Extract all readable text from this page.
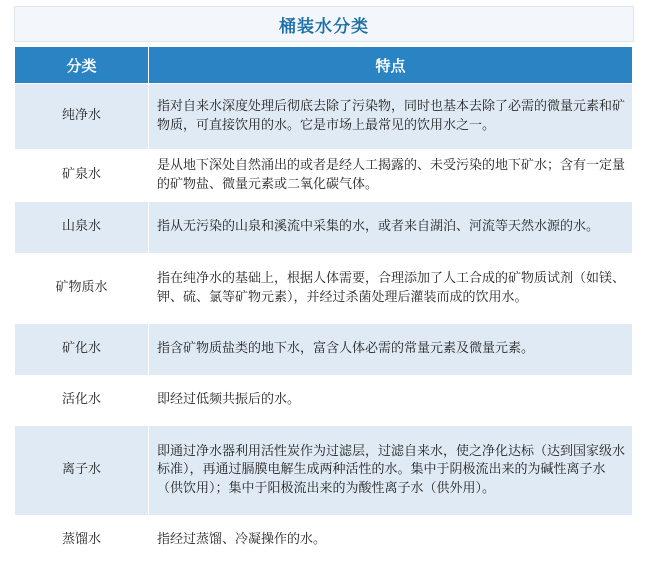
桶装水分类
分类	特点
纯净水	指对自来水深度处理后彻底去除了污染物，同时也基本去除了必需的微量元素和矿物质，可直接饮用的水。它是市场上最常见的饮用水之一。
矿泉水	是从地下深处自然涌出的或者是经人工揭露的、未受污染的地下矿水；含有一定量的矿物盐、微量元素或二氧化碳气体。
山泉水	指从无污染的山泉和溪流中采集的水，或者来自湖泊、河流等天然水源的水。
矿物质水	指在纯净水的基础上，根据人体需要，合理添加了人工合成的矿物质试剂（如镁、钾、硫、氯等矿物元素），并经过杀菌处理后灌装而成的饮用水。
矿化水	指含矿物质盐类的地下水，富含人体必需的常量元素及微量元素。
活化水	即经过低频共振后的水。
离子水	即通过净水器利用活性炭作为过滤层，过滤自来水，使之净化达标（达到国家级水标准），再通过膈膜电解生成两种活性的水。集中于阴极流出来的为碱性离子水（供饮用）；集中于阳极流出来的为酸性离子水（供外用）。
蒸馏水	指经过蒸馏、冷凝操作的水。
